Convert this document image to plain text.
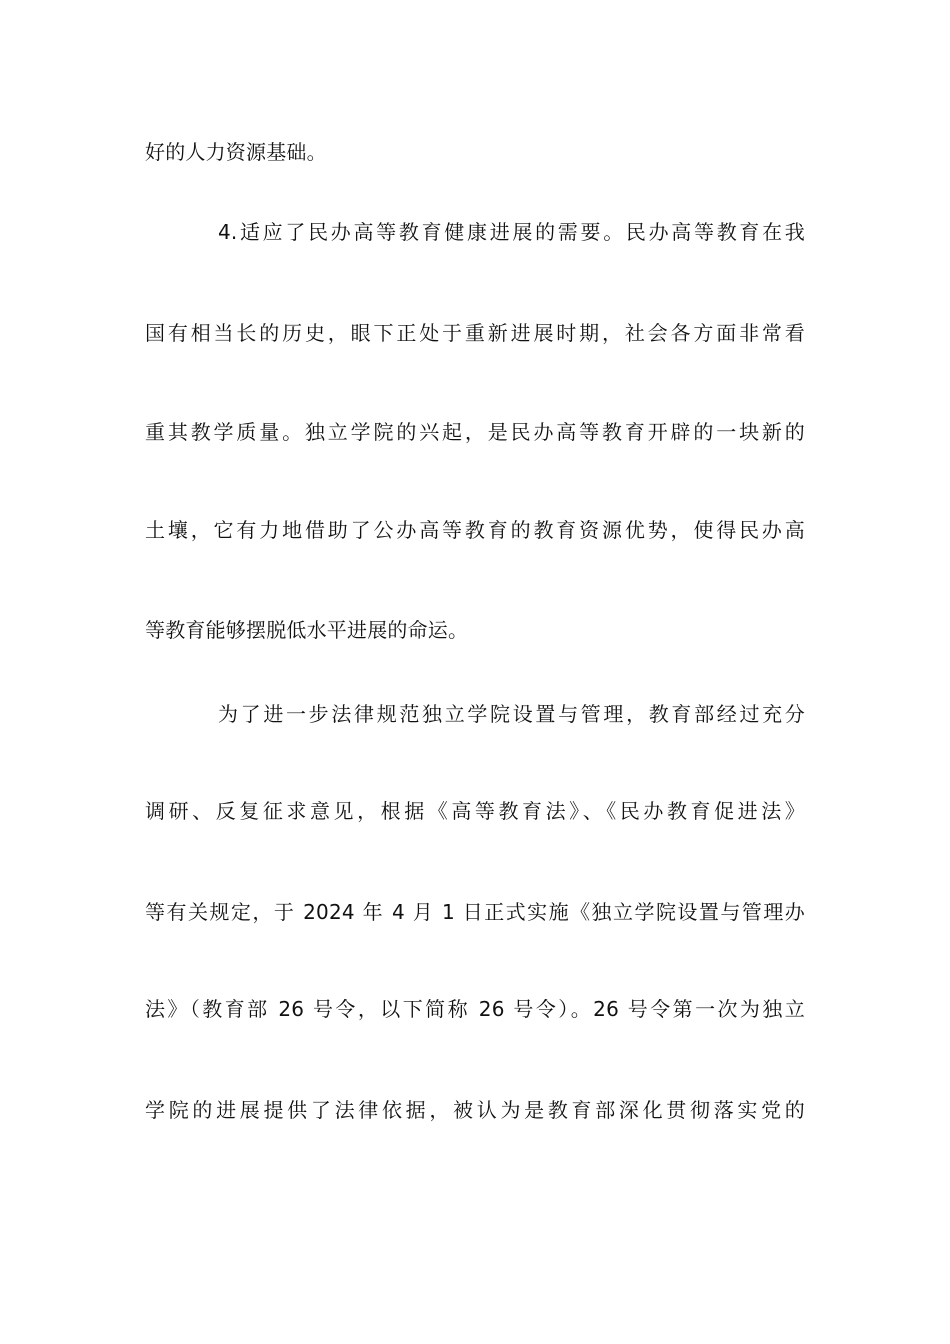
好的人力资源基础。
4.适应了民办高等教育健康进展的需要。民办高等教育在我
国有相当长的历史，眼下正处于重新进展时期，社会各方面非常看
重其教学质量。独立学院的兴起，是民办高等教育开辟的一块新的
土壤，它有力地借助了公办高等教育的教育资源优势，使得民办高
等教育能够摆脱低水平进展的命运。
为了进一步法律规范独立学院设置与管理，教育部经过充分
调研、反复征求意见，根据《高等教育法》、《民办教育促进法》
等有关规定，于 2024 年 4 月 1 日正式实施《独立学院设置与管理办
法》（教育部 26 号令，以下简称 26 号令）。26 号令第一次为独立
学院的进展提供了法律依据，被认为是教育部深化贯彻落实党的
